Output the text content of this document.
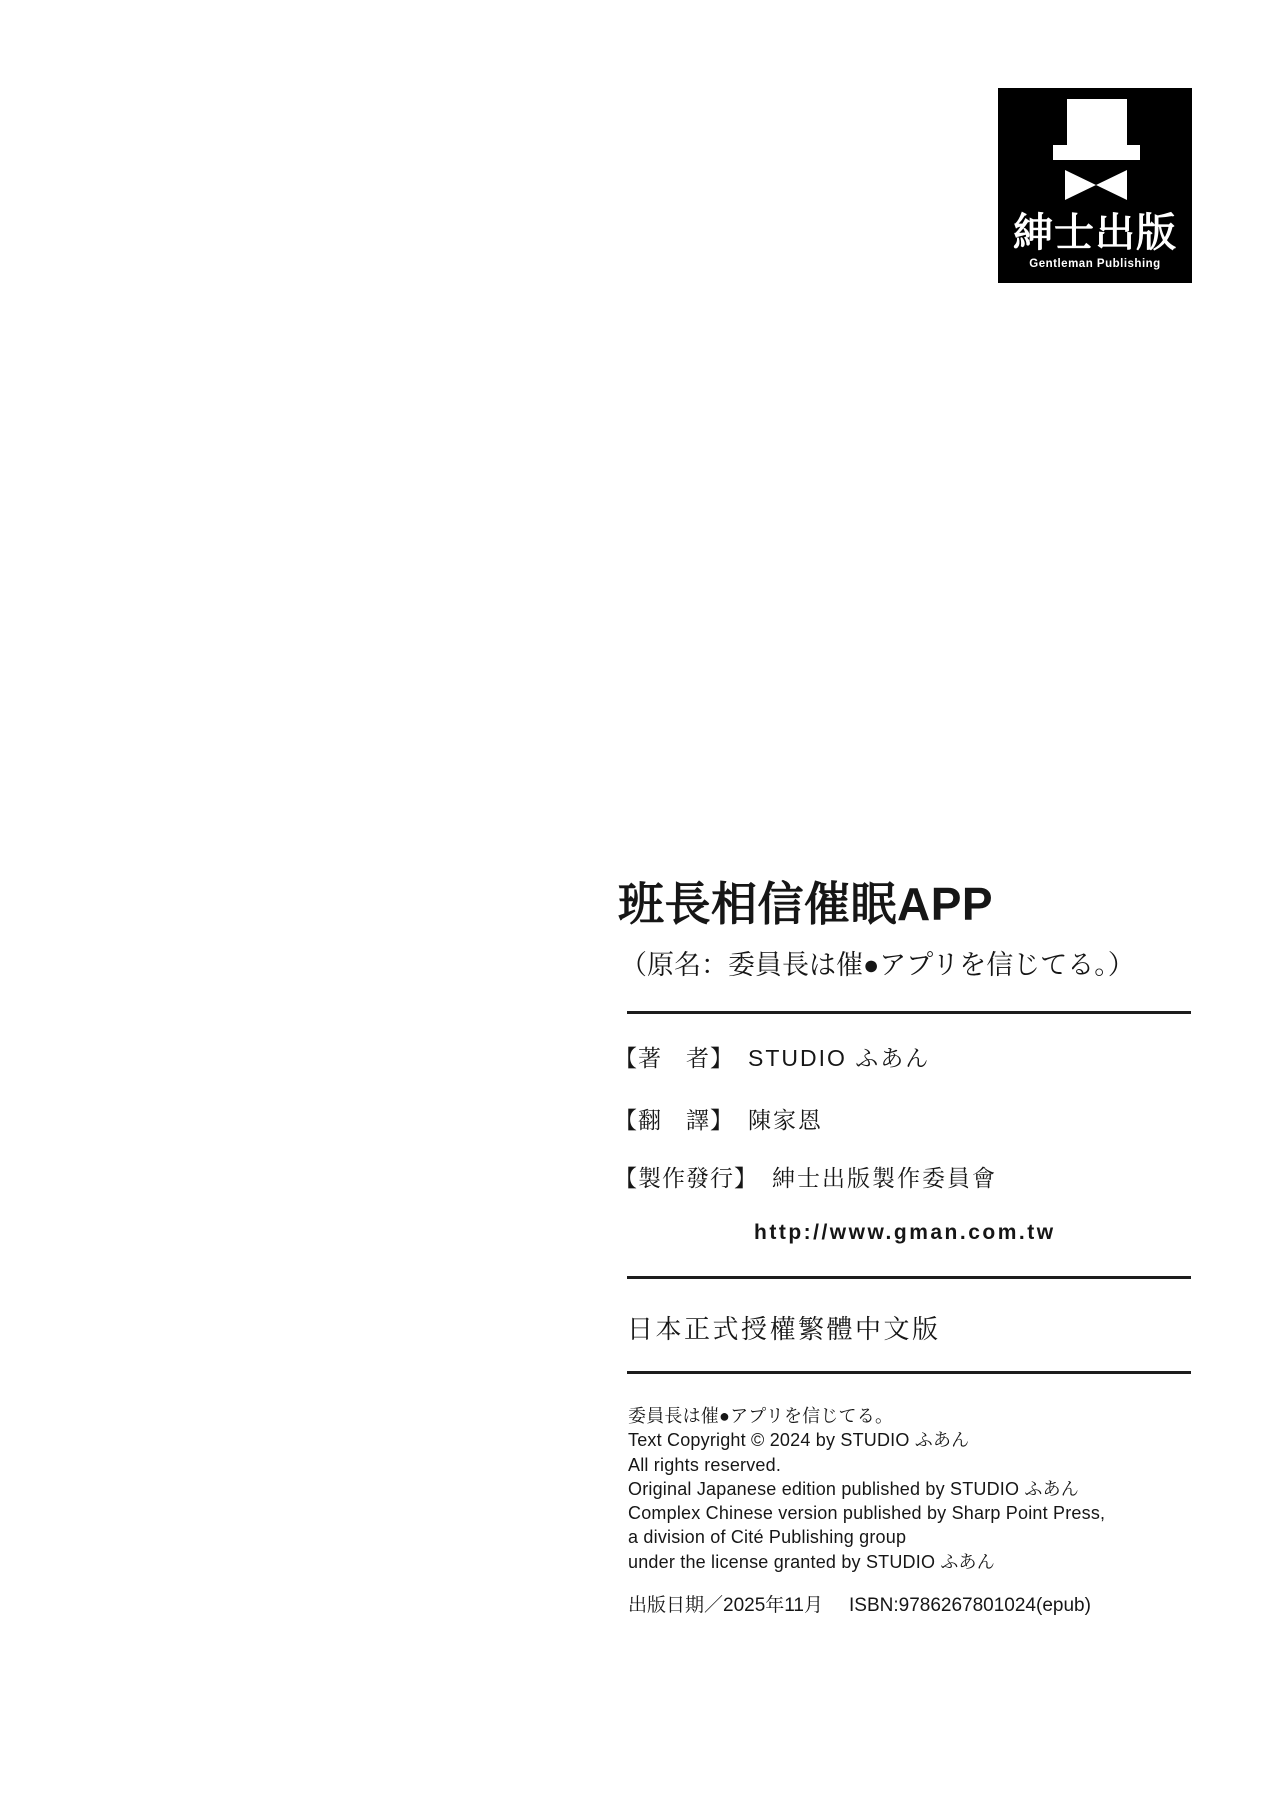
紳士出版
Gentleman Publishing
班長相信催眠APP
（原名：委員長は催●アプリを信じてる。）
【著　者】 STUDIO ふあん
【翻　譯】 陳家恩
【製作發行】 紳士出版製作委員會
http://www.gman.com.tw
日本正式授權繁體中文版
委員長は催●アプリを信じてる。
Text Copyright © 2024 by STUDIO ふあん
All rights reserved.
Original Japanese edition published by STUDIO ふあん
Complex Chinese version published by Sharp Point Press,
a division of Cité Publishing group
under the license granted by STUDIO ふあん
出版日期／2025年11月 ISBN:9786267801024(epub)
